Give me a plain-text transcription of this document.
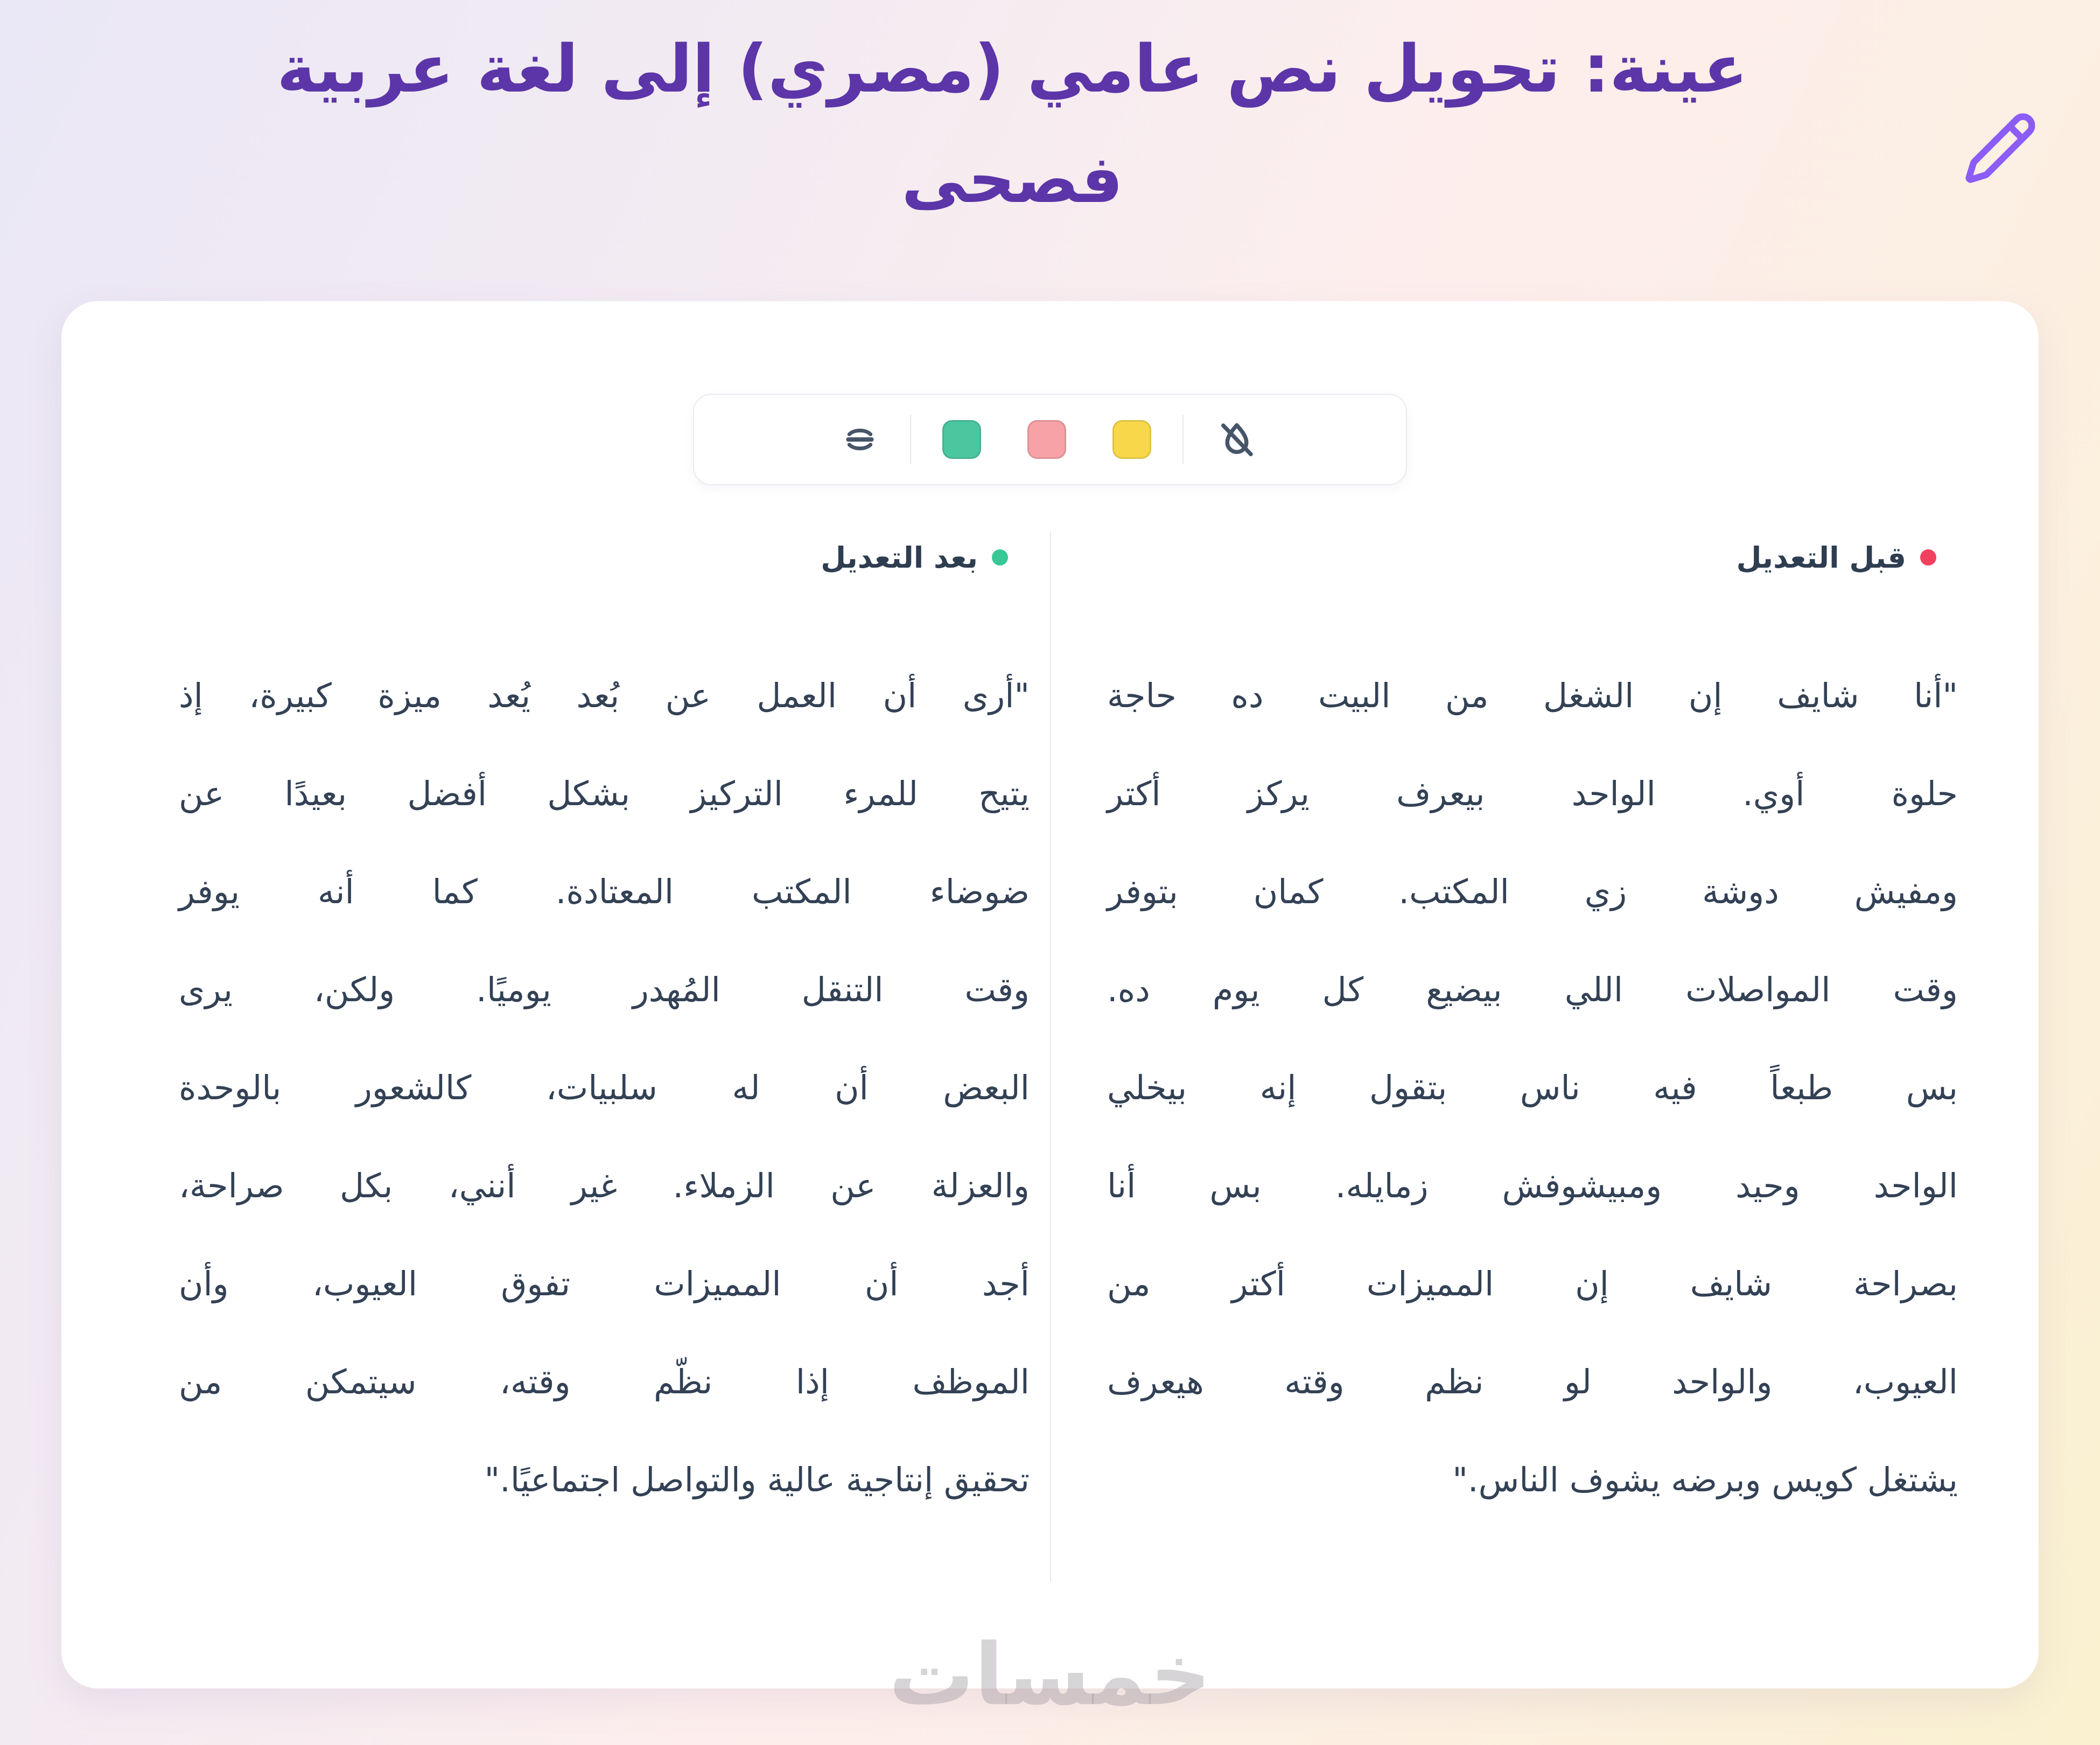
عينة: تحويل نص عامي (مصري) إلى لغة عربية
فصحى
قبل التعديل
"أنا شايف إن الشغل من البيت ده حاجة
حلوة أوي. الواحد بيعرف يركز أكتر
ومفيش دوشة زي المكتب. كمان بتوفر
وقت المواصلات اللي بيضيع كل يوم ده.
بس طبعاً فيه ناس بتقول إنه بيخلي
الواحد وحيد ومبيشوفش زمايله. بس أنا
بصراحة شايف إن المميزات أكتر من
العيوب، والواحد لو نظم وقته هيعرف
يشتغل كويس وبرضه يشوف الناس."
بعد التعديل
"أرى أن العمل عن بُعد يُعد ميزة كبيرة، إذ
يتيح للمرء التركيز بشكل أفضل بعيدًا عن
ضوضاء المكتب المعتادة. كما أنه يوفر
وقت التنقل المُهدر يوميًا. ولكن، يرى
البعض أن له سلبيات، كالشعور بالوحدة
والعزلة عن الزملاء. غير أنني، بكل صراحة،
أجد أن المميزات تفوق العيوب، وأن
الموظف إذا نظّم وقته، سيتمكن من
تحقيق إنتاجية عالية والتواصل اجتماعيًا."
خمسات
